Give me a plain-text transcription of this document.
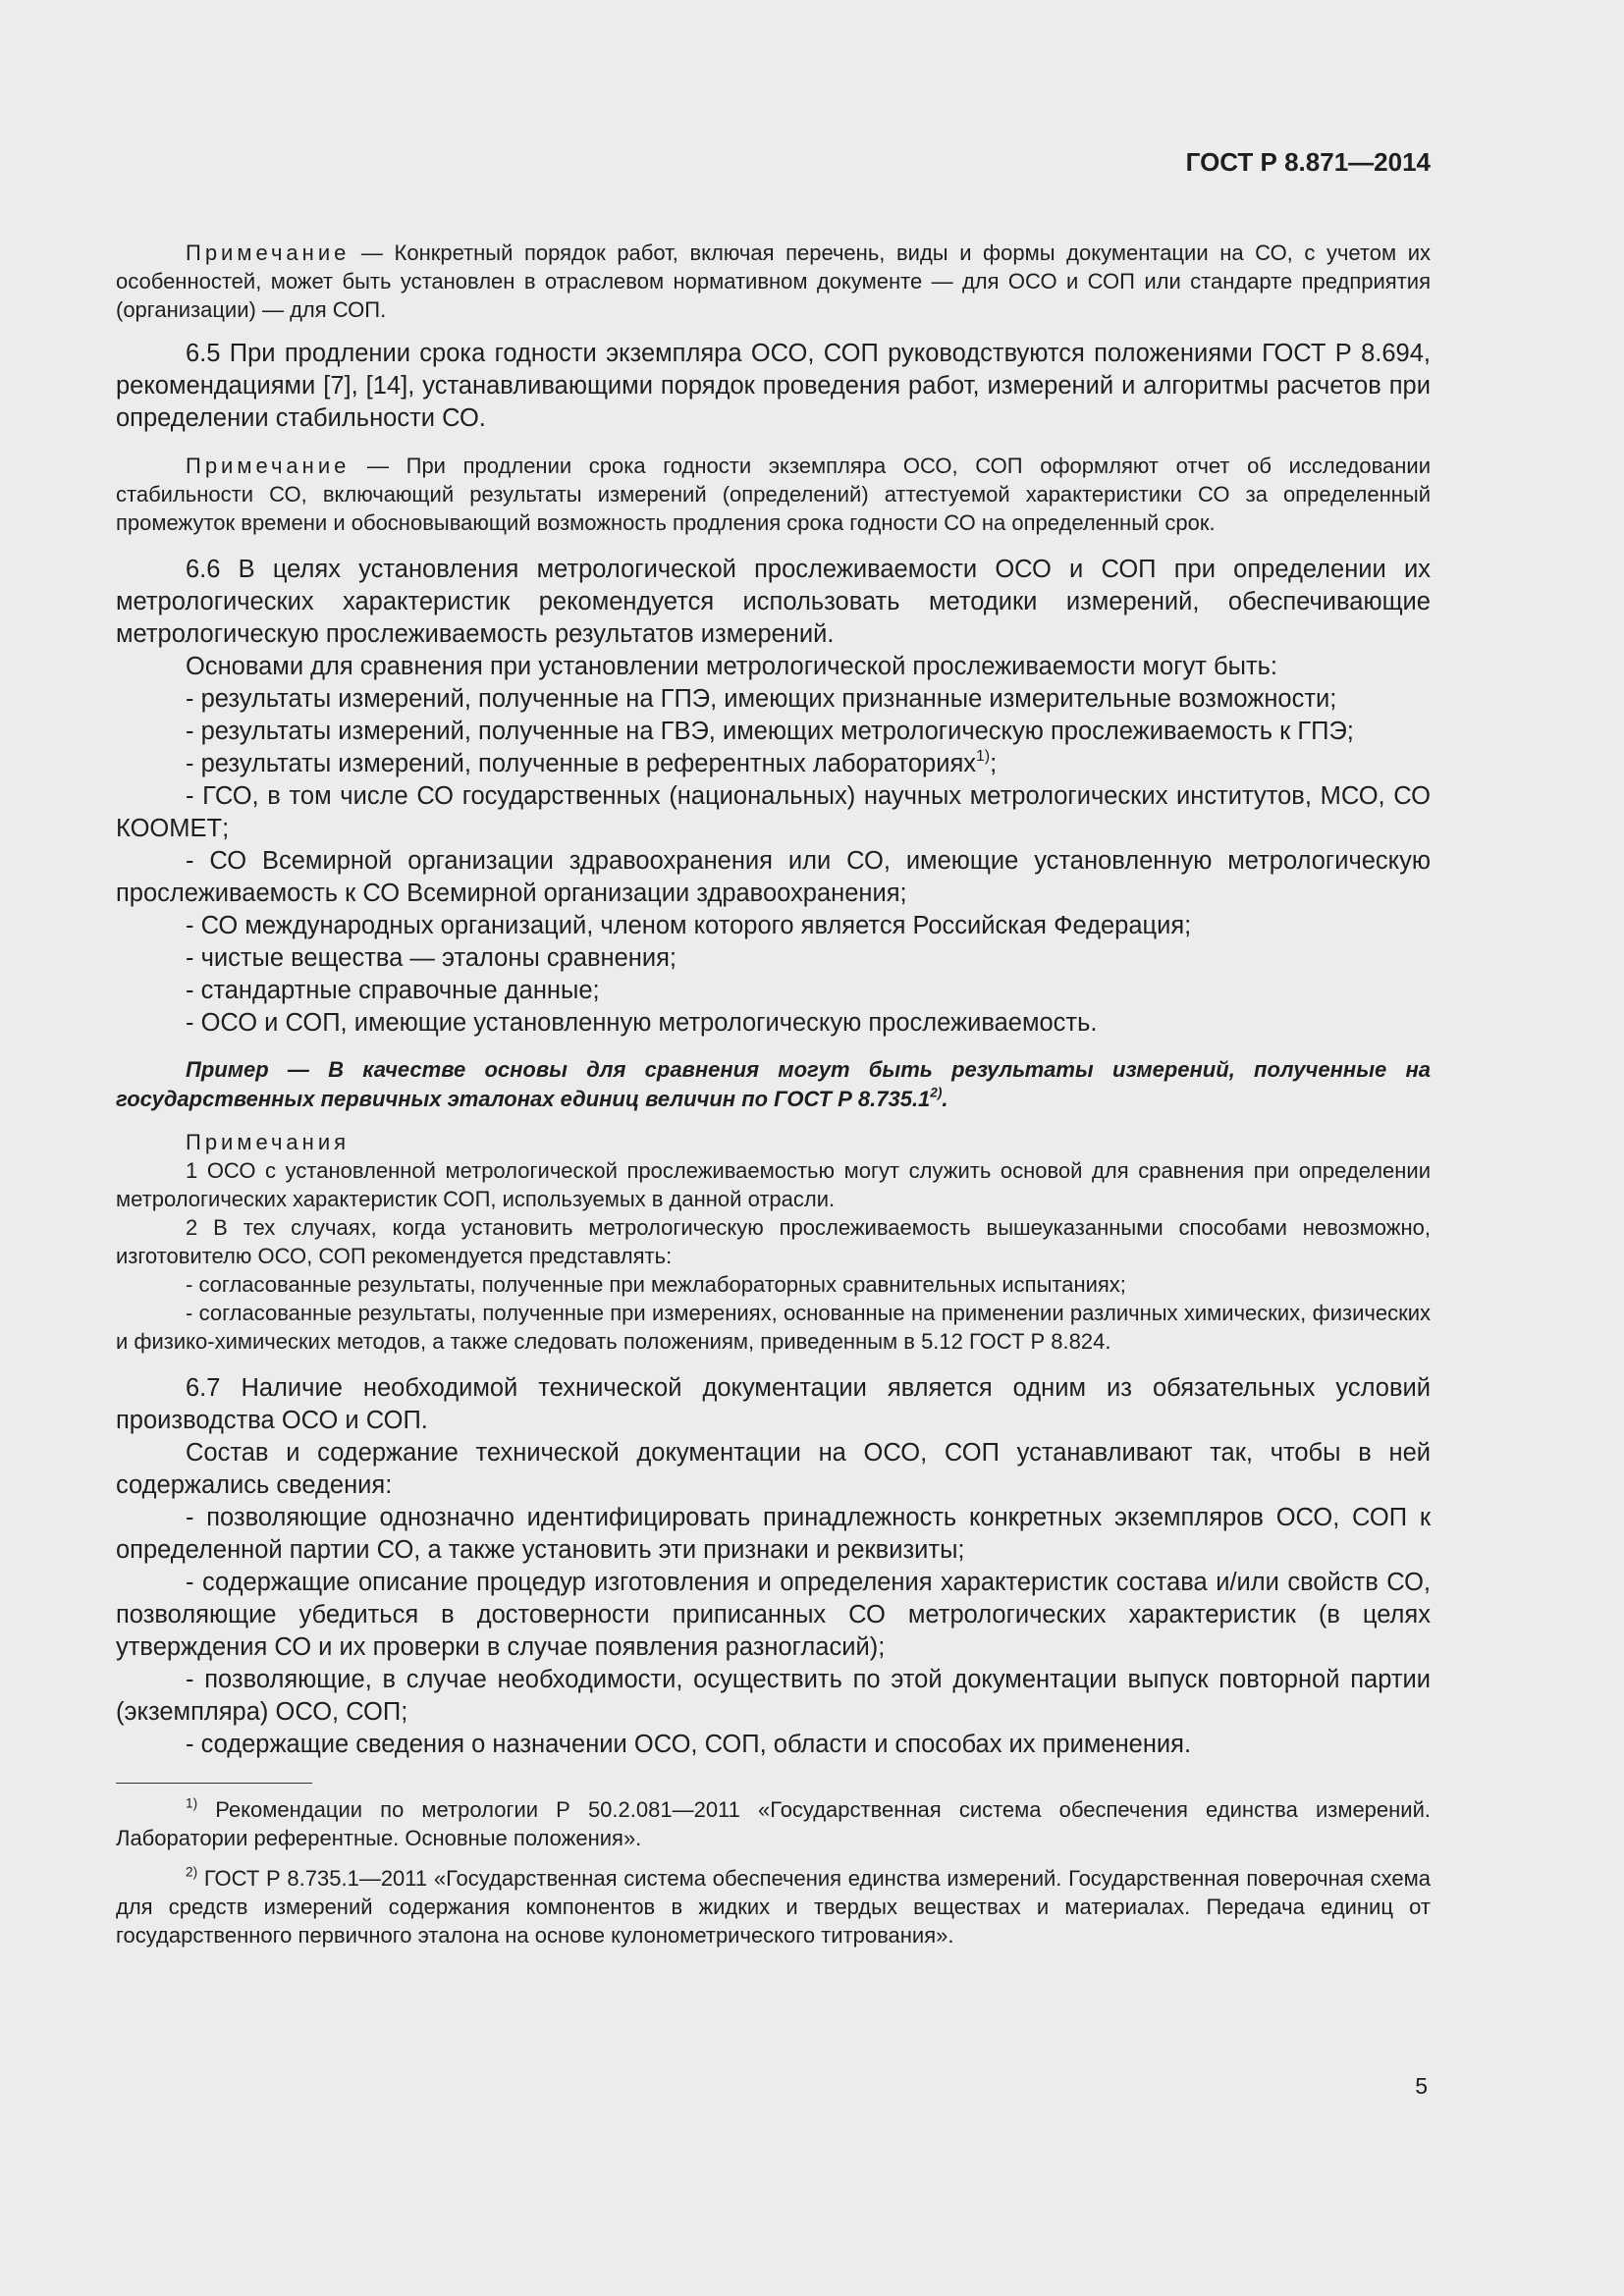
ГОСТ Р 8.871—2014

Примечание — Конкретный порядок работ, включая перечень, виды и формы документации на СО, с учетом их особенностей, может быть установлен в отраслевом нормативном документе — для ОСО и СОП или стандарте предприятия (организации) — для СОП.

6.5 При продлении срока годности экземпляра ОСО, СОП руководствуются положениями ГОСТ Р 8.694, рекомендациями [7], [14], устанавливающими порядок проведения работ, измерений и алгоритмы расчетов при определении стабильности СО.

Примечание — При продлении срока годности экземпляра ОСО, СОП оформляют отчет об исследовании стабильности СО, включающий результаты измерений (определений) аттестуемой характеристики СО за определенный промежуток времени и обосновывающий возможность продления срока годности СО на определенный срок.

6.6 В целях установления метрологической прослеживаемости ОСО и СОП при определении их метрологических характеристик рекомендуется использовать методики измерений, обеспечивающие метрологическую прослеживаемость результатов измерений.

Основами для сравнения при установлении метрологической прослеживаемости могут быть:

- результаты измерений, полученные на ГПЭ, имеющих признанные измерительные возможности;

- результаты измерений, полученные на ГВЭ, имеющих метрологическую прослеживаемость к ГПЭ;

- результаты измерений, полученные в референтных лабораториях$^{1)}$;

- ГСО, в том числе СО государственных (национальных) научных метрологических институтов, МСО, СО КООМЕТ;

- СО Всемирной организации здравоохранения или СО, имеющие установленную метрологическую прослеживаемость к СО Всемирной организации здравоохранения;

- СО международных организаций, членом которого является Российская Федерация;

- чистые вещества — эталоны сравнения;

- стандартные справочные данные;

- ОСО и СОП, имеющие установленную метрологическую прослеживаемость.

Пример — В качестве основы для сравнения могут быть результаты измерений, полученные на государственных первичных эталонах единиц величин по ГОСТ Р 8.735.1$^{2)}$.

Примечания

1 ОСО с установленной метрологической прослеживаемостью могут служить основой для сравнения при определении метрологических характеристик СОП, используемых в данной отрасли.

2 В тех случаях, когда установить метрологическую прослеживаемость вышеуказанными способами невозможно, изготовителю ОСО, СОП рекомендуется представлять:

- согласованные результаты, полученные при межлабораторных сравнительных испытаниях;

- согласованные результаты, полученные при измерениях, основанные на применении различных химических, физических и физико-химических методов, а также следовать положениям, приведенным в 5.12 ГОСТ Р 8.824.

6.7 Наличие необходимой технической документации является одним из обязательных условий производства ОСО и СОП.

Состав и содержание технической документации на ОСО, СОП устанавливают так, чтобы в ней содержались сведения:

- позволяющие однозначно идентифицировать принадлежность конкретных экземпляров ОСО, СОП к определенной партии СО, а также установить эти признаки и реквизиты;

- содержащие описание процедур изготовления и определения характеристик состава и/или свойств СО, позволяющие убедиться в достоверности приписанных СО метрологических характеристик (в целях утверждения СО и их проверки в случае появления разногласий);

- позволяющие, в случае необходимости, осуществить по этой документации выпуск повторной партии (экземпляра) ОСО, СОП;

- содержащие сведения о назначении ОСО, СОП, области и способах их применения.

$^{1)}$ Рекомендации по метрологии Р 50.2.081—2011 «Государственная система обеспечения единства измерений. Лаборатории референтные. Основные положения».

$^{2)}$ ГОСТ Р 8.735.1—2011 «Государственная система обеспечения единства измерений. Государственная поверочная схема для средств измерений содержания компонентов в жидких и твердых веществах и материалах. Передача единиц от государственного первичного эталона на основе кулонометрического титрования».

5
